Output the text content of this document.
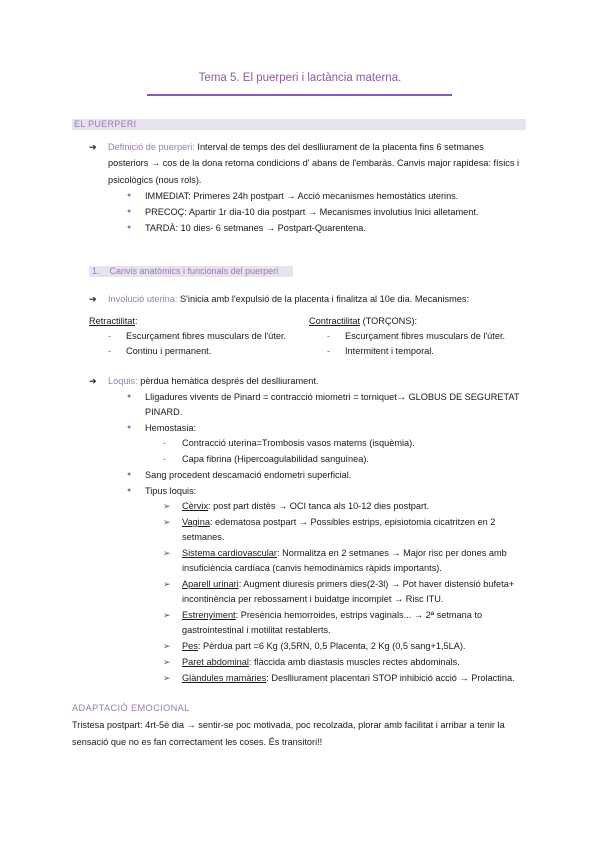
Tema 5. El puerperi i lactància materna.
EL PUERPERI
➔ Definició de puerperi: Interval de temps des del deslliurament de la placenta fins 6 setmanes
posteriors → cos de la dona retorna condicions d' abans de l'embaràs. Canvis major rapidesa: físics i
psicològics (nous rols).
● IMMEDIAT: Primeres 24h postpart → Acció mecanismes hemostàtics uterins.
● PRECOÇ: Apartir 1r dia-10 dia postpart → Mecanismes involutius Inici alletament.
● TARDÀ: 10 dies- 6 setmanes → Postpart-Quarentena.
1. Canvis anatòmics i funcionals del puerperi
➔ Involució uterina: S'inicia amb l'expulsió de la placenta i finalitza al 10e dia. Mecanismes:
Retractilitat:
- Escurçament fibres musculars de l'úter.
- Continu i permanent.
Contractilitat (TORÇONS):
- Escurçament fibres musculars de l'úter.
- Intermitent i temporal.
➔ Loquis: pèrdua hemàtica després del deslliurament.
● Lligadures vivents de Pinard = contracció miometri = torniquet→ GLOBUS DE SEGURETAT
PINARD.
● Hemostasia:
- Contracció uterina=Trombosis vasos materns (isquèmia).
- Capa fibrina (Hipercoagulabilidad sanguínea).
● Sang procedent descamació endometri superficial.
● Tipus loquis:
➢ Cèrvix: post part distès → OCI tanca als 10-12 dies postpart.
➢ Vagina: edematosa postpart → Possibles estrips, episiotomia cicatritzen en 2
setmanes.
➢ Sistema cardiovascular: Normalitza en 2 setmanes → Major risc per dones amb
insuficiència cardíaca (canvis hemodinàmics ràpids importants).
➢ Aparell urinari: Augment diuresis primers dies(2-3l) → Pot haver distensió bufeta+
incontinència per rebossament i buidatge incomplet → Risc ITU.
➢ Estrenyiment: Presència hemorroides, estrips vaginals... → 2ª setmana to
gastrointestinal i motilitat restablerts.
➢ Pes: Pèrdua part =6 Kg (3,5RN, 0,5 Placenta, 2 Kg (0,5 sang+1,5LA).
➢ Paret abdominal: flàccida amb diastasis muscles rectes abdominals.
➢ Glàndules mamàries: Deslliurament placentari STOP inhibició acció → Prolactina.
ADAPTACIÓ EMOCIONAL
Tristesa postpart: 4rt-5è dia → sentir-se poc motivada, poc recolzada, plorar amb facilitat i arribar a tenir la
sensació que no es fan correctament les coses. És transitori!!
